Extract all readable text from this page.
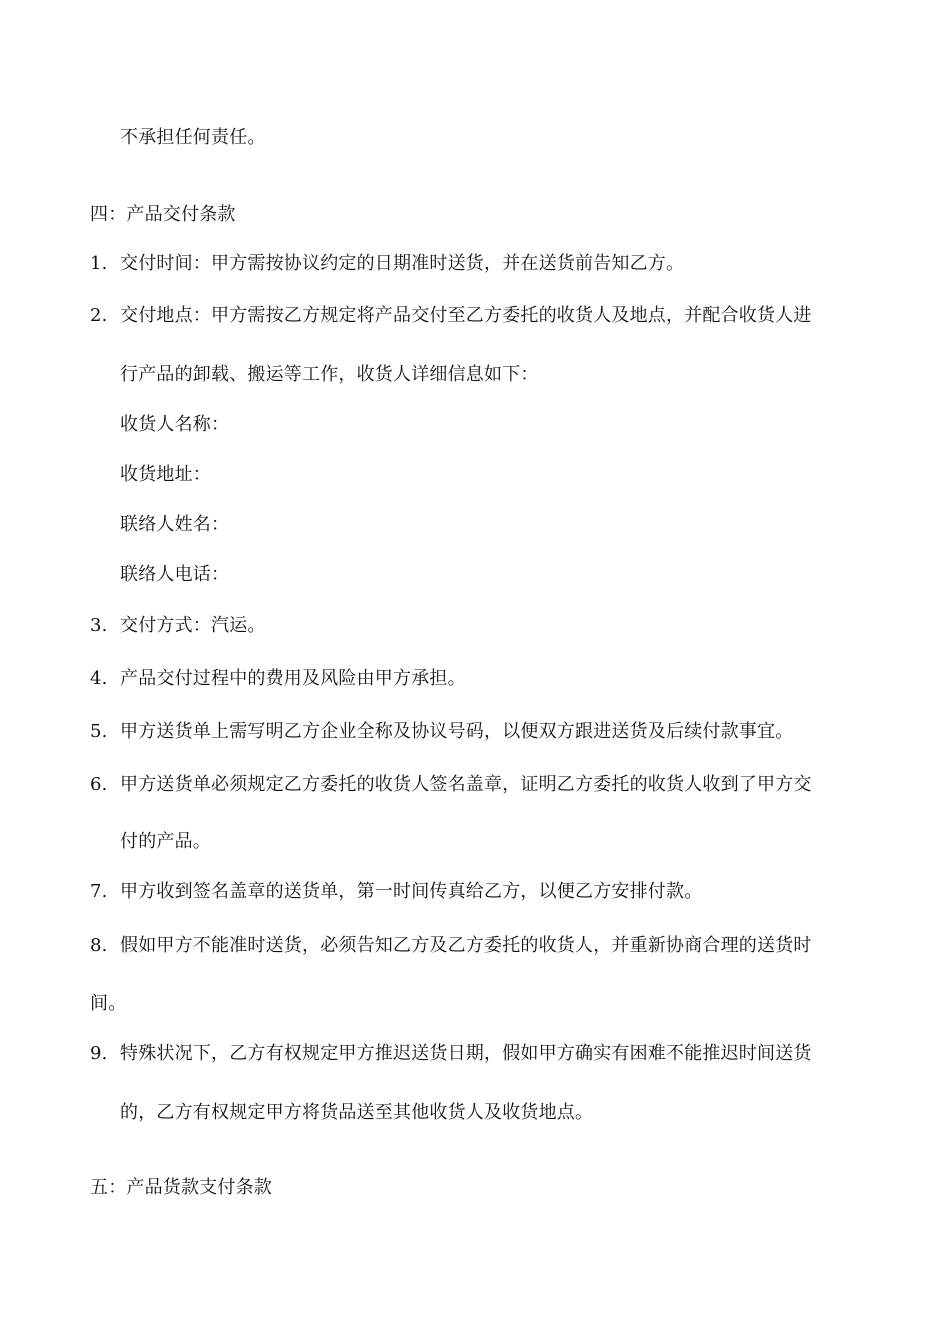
不承担任何责任。
四：产品交付条款
1. 交付时间：甲方需按协议约定的日期准时送货，并在送货前告知乙方。
2. 交付地点：甲方需按乙方规定将产品交付至乙方委托的收货人及地点，并配合收货人进
行产品的卸载、搬运等工作，收货人详细信息如下：
收货人名称：
收货地址：
联络人姓名：
联络人电话：
3. 交付方式：汽运。
4. 产品交付过程中的费用及风险由甲方承担。
5. 甲方送货单上需写明乙方企业全称及协议号码，以便双方跟进送货及后续付款事宜。
6. 甲方送货单必须规定乙方委托的收货人签名盖章，证明乙方委托的收货人收到了甲方交
付的产品。
7. 甲方收到签名盖章的送货单，第一时间传真给乙方，以便乙方安排付款。
8. 假如甲方不能准时送货，必须告知乙方及乙方委托的收货人，并重新协商合理的送货时
间。
9. 特殊状况下，乙方有权规定甲方推迟送货日期，假如甲方确实有困难不能推迟时间送货
的，乙方有权规定甲方将货品送至其他收货人及收货地点。
五：产品货款支付条款
